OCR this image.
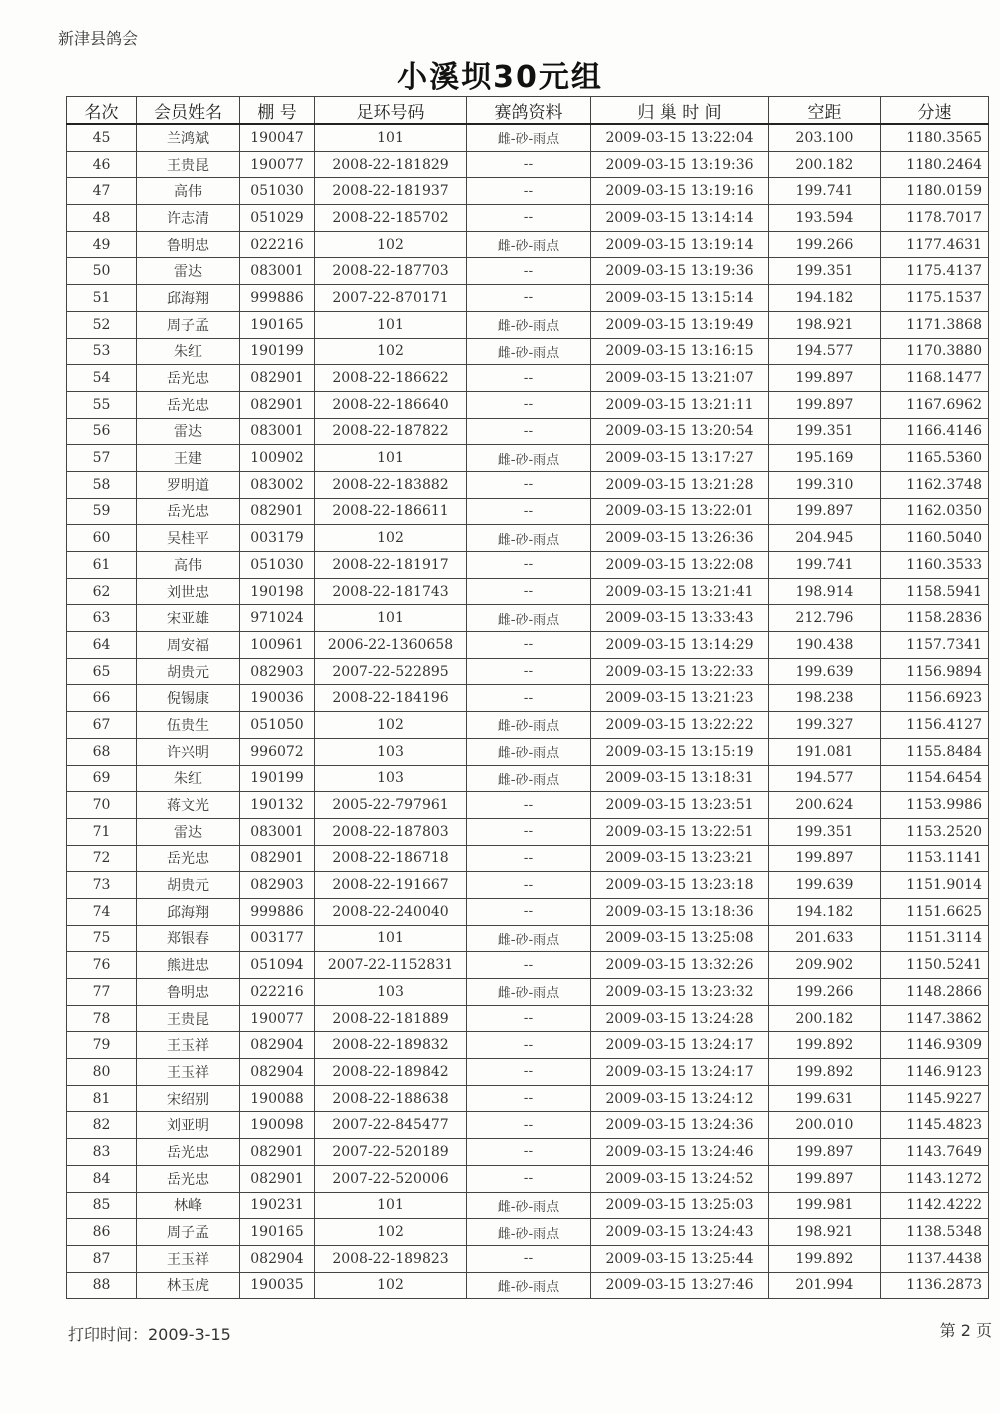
新津县鸽会
小溪坝30元组
名次	会员姓名	棚 号	足环号码	赛鸽资料	归 巢 时 间	空距	分速
45	兰鸿斌	190047	101	雌-砂-雨点	2009-03-15 13:22:04	203.100	1180.3565
46	王贵昆	190077	2008-22-181829	--	2009-03-15 13:19:36	200.182	1180.2464
47	高伟	051030	2008-22-181937	--	2009-03-15 13:19:16	199.741	1180.0159
48	许志清	051029	2008-22-185702	--	2009-03-15 13:14:14	193.594	1178.7017
49	鲁明忠	022216	102	雌-砂-雨点	2009-03-15 13:19:14	199.266	1177.4631
50	雷达	083001	2008-22-187703	--	2009-03-15 13:19:36	199.351	1175.4137
51	邱海翔	999886	2007-22-870171	--	2009-03-15 13:15:14	194.182	1175.1537
52	周子孟	190165	101	雌-砂-雨点	2009-03-15 13:19:49	198.921	1171.3868
53	朱红	190199	102	雌-砂-雨点	2009-03-15 13:16:15	194.577	1170.3880
54	岳光忠	082901	2008-22-186622	--	2009-03-15 13:21:07	199.897	1168.1477
55	岳光忠	082901	2008-22-186640	--	2009-03-15 13:21:11	199.897	1167.6962
56	雷达	083001	2008-22-187822	--	2009-03-15 13:20:54	199.351	1166.4146
57	王建	100902	101	雌-砂-雨点	2009-03-15 13:17:27	195.169	1165.5360
58	罗明道	083002	2008-22-183882	--	2009-03-15 13:21:28	199.310	1162.3748
59	岳光忠	082901	2008-22-186611	--	2009-03-15 13:22:01	199.897	1162.0350
60	吴桂平	003179	102	雌-砂-雨点	2009-03-15 13:26:36	204.945	1160.5040
61	高伟	051030	2008-22-181917	--	2009-03-15 13:22:08	199.741	1160.3533
62	刘世忠	190198	2008-22-181743	--	2009-03-15 13:21:41	198.914	1158.5941
63	宋亚雄	971024	101	雌-砂-雨点	2009-03-15 13:33:43	212.796	1158.2836
64	周安福	100961	2006-22-1360658	--	2009-03-15 13:14:29	190.438	1157.7341
65	胡贵元	082903	2007-22-522895	--	2009-03-15 13:22:33	199.639	1156.9894
66	倪锡康	190036	2008-22-184196	--	2009-03-15 13:21:23	198.238	1156.6923
67	伍贵生	051050	102	雌-砂-雨点	2009-03-15 13:22:22	199.327	1156.4127
68	许兴明	996072	103	雌-砂-雨点	2009-03-15 13:15:19	191.081	1155.8484
69	朱红	190199	103	雌-砂-雨点	2009-03-15 13:18:31	194.577	1154.6454
70	蒋文光	190132	2005-22-797961	--	2009-03-15 13:23:51	200.624	1153.9986
71	雷达	083001	2008-22-187803	--	2009-03-15 13:22:51	199.351	1153.2520
72	岳光忠	082901	2008-22-186718	--	2009-03-15 13:23:21	199.897	1153.1141
73	胡贵元	082903	2008-22-191667	--	2009-03-15 13:23:18	199.639	1151.9014
74	邱海翔	999886	2008-22-240040	--	2009-03-15 13:18:36	194.182	1151.6625
75	郑银春	003177	101	雌-砂-雨点	2009-03-15 13:25:08	201.633	1151.3114
76	熊进忠	051094	2007-22-1152831	--	2009-03-15 13:32:26	209.902	1150.5241
77	鲁明忠	022216	103	雌-砂-雨点	2009-03-15 13:23:32	199.266	1148.2866
78	王贵昆	190077	2008-22-181889	--	2009-03-15 13:24:28	200.182	1147.3862
79	王玉祥	082904	2008-22-189832	--	2009-03-15 13:24:17	199.892	1146.9309
80	王玉祥	082904	2008-22-189842	--	2009-03-15 13:24:17	199.892	1146.9123
81	宋绍别	190088	2008-22-188638	--	2009-03-15 13:24:12	199.631	1145.9227
82	刘亚明	190098	2007-22-845477	--	2009-03-15 13:24:36	200.010	1145.4823
83	岳光忠	082901	2007-22-520189	--	2009-03-15 13:24:46	199.897	1143.7649
84	岳光忠	082901	2007-22-520006	--	2009-03-15 13:24:52	199.897	1143.1272
85	林峰	190231	101	雌-砂-雨点	2009-03-15 13:25:03	199.981	1142.4222
86	周子孟	190165	102	雌-砂-雨点	2009-03-15 13:24:43	198.921	1138.5348
87	王玉祥	082904	2008-22-189823	--	2009-03-15 13:25:44	199.892	1137.4438
88	林玉虎	190035	102	雌-砂-雨点	2009-03-15 13:27:46	201.994	1136.2873
打印时间：2009-3-15	第 2 页
